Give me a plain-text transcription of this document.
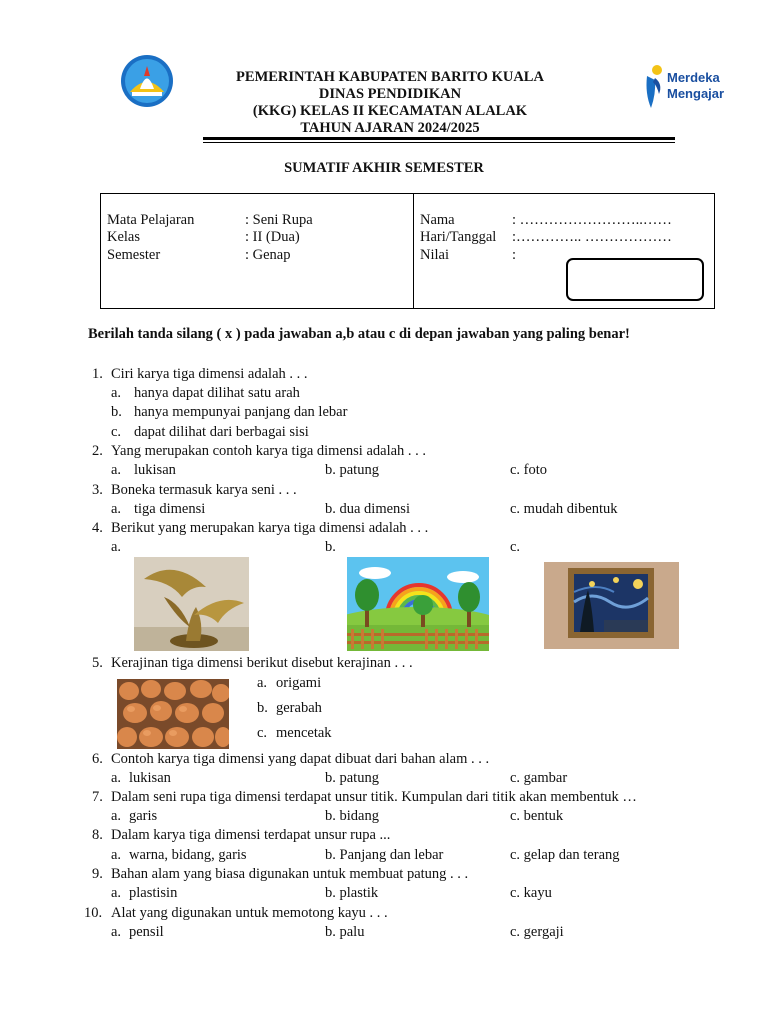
PEMERINTAH KABUPATEN BARITO KUALA
DINAS PENDIDIKAN
(KKG) KELAS II KECAMATAN ALALAK
TAHUN AJARAN 2024/2025
Merdeka
Mengajar
SUMATIF AKHIR SEMESTER
Mata Pelajaran	: Seni Rupa
Kelas	: II (Dua)
Semester	: Genap
Nama	: ……………………..……
Hari/Tanggal :………….. ………………
Nilai	:
Berilah tanda silang ( x ) pada jawaban a,b atau c di depan jawaban yang paling benar!
1. Ciri karya tiga dimensi adalah . . .
a. hanya dapat dilihat satu arah
b. hanya mempunyai panjang dan lebar
c. dapat dilihat dari berbagai sisi
2. Yang merupakan contoh karya tiga dimensi adalah . . .
a. lukisan	b. patung	c. foto
3. Boneka termasuk karya seni . . .
a. tiga dimensi	b. dua dimensi	c. mudah dibentuk
4. Berikut yang merupakan karya tiga dimensi adalah . . .
a.	b.	c.
5. Kerajinan tiga dimensi berikut disebut kerajinan . . .
a. origami
b. gerabah
c. mencetak
6. Contoh karya tiga dimensi yang dapat dibuat dari bahan alam . . .
a. lukisan	b. patung	c. gambar
7. Dalam seni rupa tiga dimensi terdapat unsur titik. Kumpulan dari titik akan membentuk …
a. garis	b. bidang	c. bentuk
8. Dalam karya tiga dimensi terdapat unsur rupa ...
a. warna, bidang, garis	b. Panjang dan lebar	c. gelap dan terang
9. Bahan alam yang biasa digunakan untuk membuat patung . . .
a. plastisin	b. plastik	c. kayu
10. Alat yang digunakan untuk memotong kayu . . .
a. pensil	b. palu	c. gergaji
